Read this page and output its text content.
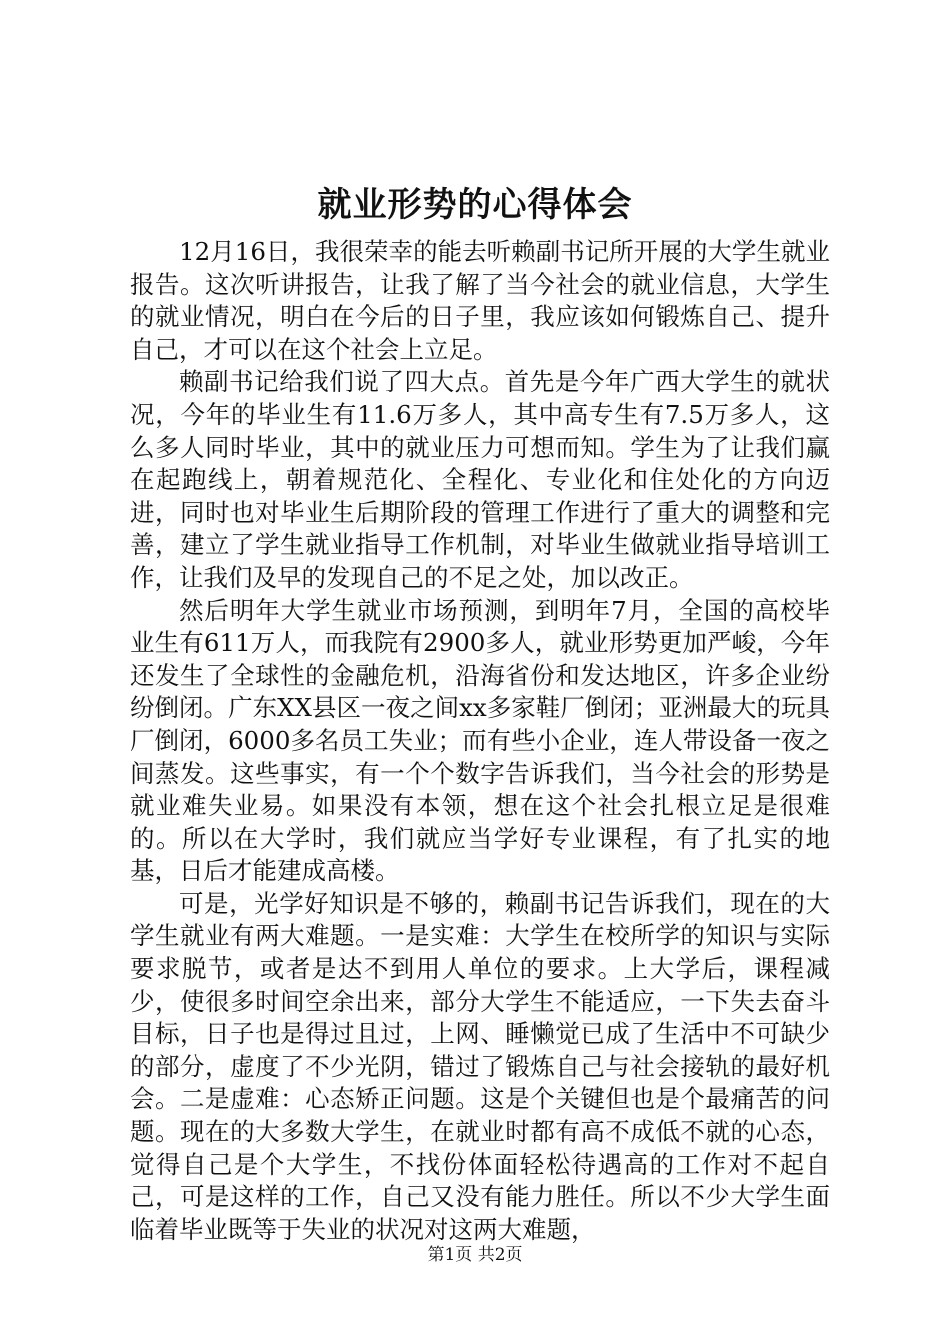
就业形势的心得体会

12月16日，我很荣幸的能去听赖副书记所开展的大学生就业报告。这次听讲报告，让我了解了当今社会的就业信息，大学生的就业情况，明白在今后的日子里，我应该如何锻炼自己、提升自己，才可以在这个社会上立足。

赖副书记给我们说了四大点。首先是今年广西大学生的就状况，今年的毕业生有11.6万多人，其中高专生有7.5万多人，这么多人同时毕业，其中的就业压力可想而知。学生为了让我们赢在起跑线上，朝着规范化、全程化、专业化和住处化的方向迈进，同时也对毕业生后期阶段的管理工作进行了重大的调整和完善，建立了学生就业指导工作机制，对毕业生做就业指导培训工作，让我们及早的发现自己的不足之处，加以改正。

然后明年大学生就业市场预测，到明年7月，全国的高校毕业生有611万人，而我院有2900多人，就业形势更加严峻，今年还发生了全球性的金融危机，沿海省份和发达地区，许多企业纷纷倒闭。广东XX县区一夜之间xx多家鞋厂倒闭；亚洲最大的玩具厂倒闭，6000多名员工失业；而有些小企业，连人带设备一夜之间蒸发。这些事实，有一个个数字告诉我们，当今社会的形势是就业难失业易。如果没有本领，想在这个社会扎根立足是很难的。所以在大学时，我们就应当学好专业课程，有了扎实的地基，日后才能建成高楼。

可是，光学好知识是不够的，赖副书记告诉我们，现在的大学生就业有两大难题。一是实难：大学生在校所学的知识与实际要求脱节，或者是达不到用人单位的要求。上大学后，课程减少，使很多时间空余出来，部分大学生不能适应，一下失去奋斗目标，日子也是得过且过，上网、睡懒觉已成了生活中不可缺少的部分，虚度了不少光阴，错过了锻炼自己与社会接轨的最好机会。二是虚难：心态矫正问题。这是个关键但也是个最痛苦的问题。现在的大多数大学生，在就业时都有高不成低不就的心态，觉得自己是个大学生，不找份体面轻松待遇高的工作对不起自己，可是这样的工作，自己又没有能力胜任。所以不少大学生面临着毕业既等于失业的状况对这两大难题，

第1页 共2页
